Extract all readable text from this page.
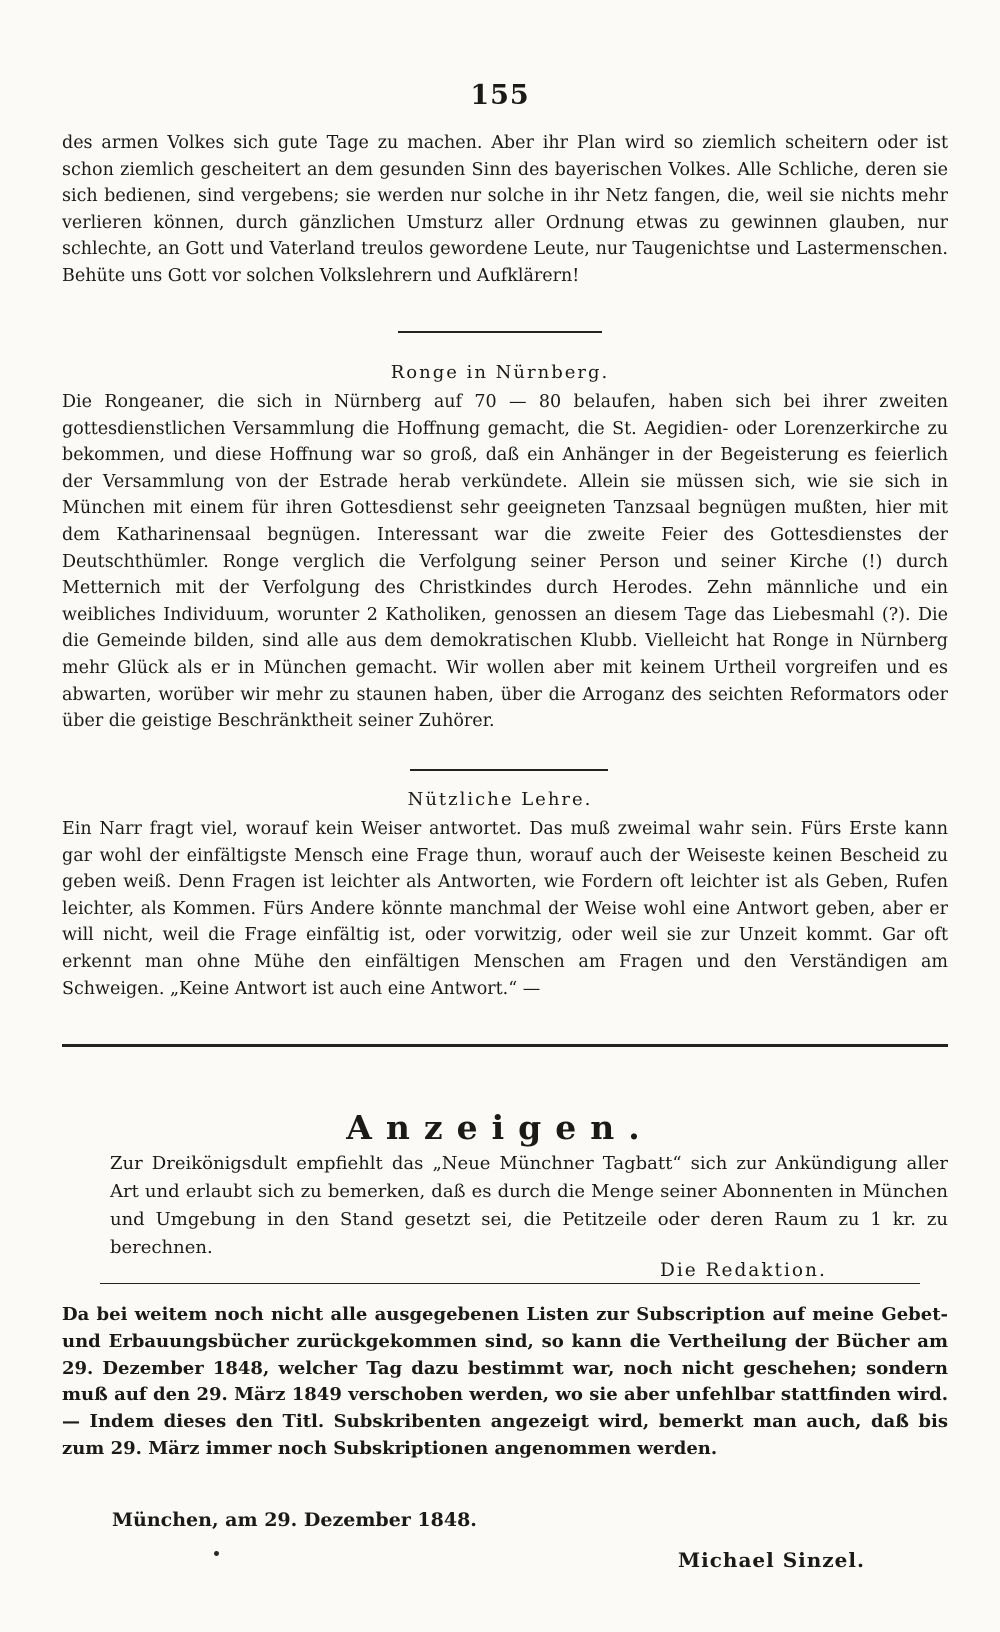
155

des armen Volkes sich gute Tage zu machen. Aber ihr Plan wird so ziemlich scheitern oder ist schon ziemlich gescheitert an dem gesunden Sinn des bayerischen Volkes. Alle Schliche, deren sie sich bedienen, sind vergebens; sie werden nur solche in ihr Netz fangen, die, weil sie nichts mehr verlieren können, durch gänzlichen Umsturz aller Ordnung etwas zu gewinnen glauben, nur schlechte, an Gott und Vaterland treulos gewordene Leute, nur Taugenichtse und Lastermenschen. Behüte uns Gott vor solchen Volkslehrern und Aufklärern!

Ronge in Nürnberg.

Die Rongeaner, die sich in Nürnberg auf 70 — 80 belaufen, haben sich bei ihrer zweiten gottesdienstlichen Versammlung die Hoffnung gemacht, die St. Aegidien- oder Lorenzerkirche zu bekommen, und diese Hoffnung war so groß, daß ein Anhänger in der Begeisterung es feierlich der Versammlung von der Estrade herab verkündete. Allein sie müssen sich, wie sie sich in München mit einem für ihren Gottesdienst sehr geeigneten Tanzsaal begnügen mußten, hier mit dem Katharinensaal begnügen. Interessant war die zweite Feier des Gottesdienstes der Deutschthümler. Ronge verglich die Verfolgung seiner Person und seiner Kirche (!) durch Metternich mit der Verfolgung des Christkindes durch Herodes. Zehn männliche und ein weibliches Individuum, worunter 2 Katholiken, genossen an diesem Tage das Liebesmahl (?). Die die Gemeinde bilden, sind alle aus dem demokratischen Klubb. Vielleicht hat Ronge in Nürnberg mehr Glück als er in München gemacht. Wir wollen aber mit keinem Urtheil vorgreifen und es abwarten, worüber wir mehr zu staunen haben, über die Arroganz des seichten Reformators oder über die geistige Beschränktheit seiner Zuhörer.

Nützliche Lehre.

Ein Narr fragt viel, worauf kein Weiser antwortet. Das muß zweimal wahr sein. Fürs Erste kann gar wohl der einfältigste Mensch eine Frage thun, worauf auch der Weiseste keinen Bescheid zu geben weiß. Denn Fragen ist leichter als Antworten, wie Fordern oft leichter ist als Geben, Rufen leichter, als Kommen. Fürs Andere könnte manchmal der Weise wohl eine Antwort geben, aber er will nicht, weil die Frage einfältig ist, oder vorwitzig, oder weil sie zur Unzeit kommt. Gar oft erkennt man ohne Mühe den einfältigen Menschen am Fragen und den Verständigen am Schweigen. „Keine Antwort ist auch eine Antwort.“ —

Anzeigen.

Zur Dreikönigsdult empfiehlt das „Neue Münchner Tagbatt“ sich zur Ankündigung aller Art und erlaubt sich zu bemerken, daß es durch die Menge seiner Abonnenten in München und Umgebung in den Stand gesetzt sei, die Petitzeile oder deren Raum zu 1 kr. zu berechnen.

Die Redaktion.

Da bei weitem noch nicht alle ausgegebenen Listen zur Subscription auf meine Gebet- und Erbauungsbücher zurückgekommen sind, so kann die Vertheilung der Bücher am 29. Dezember 1848, welcher Tag dazu bestimmt war, noch nicht geschehen; sondern muß auf den 29. März 1849 verschoben werden, wo sie aber unfehlbar stattfinden wird. — Indem dieses den Titl. Subskribenten angezeigt wird, bemerkt man auch, daß bis zum 29. März immer noch Subskriptionen angenommen werden.

München, am 29. Dezember 1848.

Michael Sinzel.
